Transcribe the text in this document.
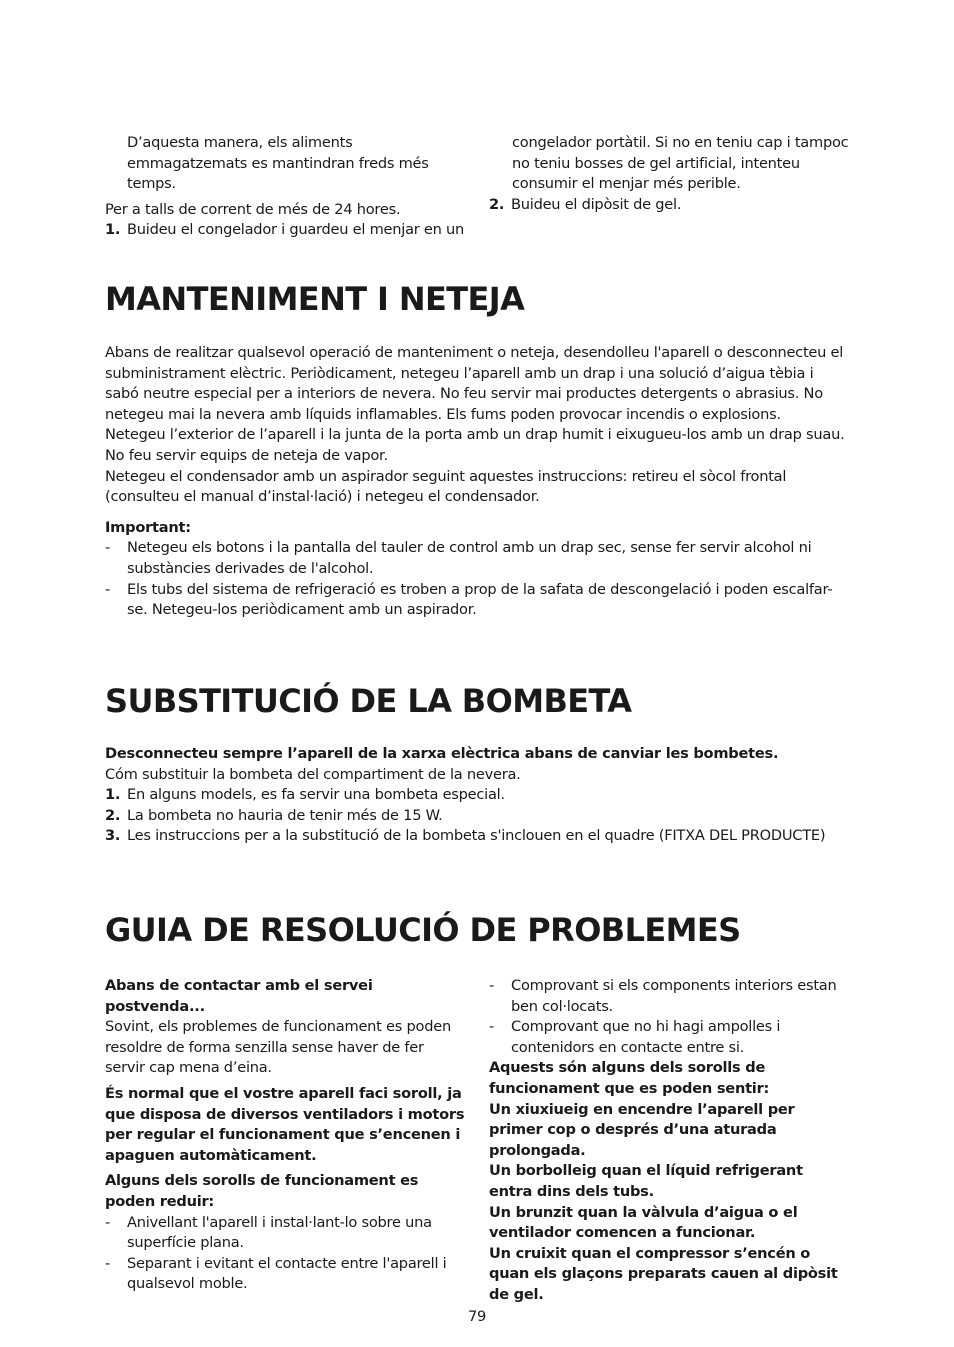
D’aquesta manera, els aliments emmagatzemats es mantindran freds més temps.

Per a talls de corrent de més de 24 hores.

1. Buideu el congelador i guardeu el menjar en un

congelador portàtil. Si no en teniu cap i tampoc no teniu bosses de gel artificial, intenteu consumir el menjar més perible.

2. Buideu el dipòsit de gel.
MANTENIMENT I NETEJA

Abans de realitzar qualsevol operació de manteniment o neteja, desendolleu l'aparell o desconnecteu el subministrament elèctric. Periòdicament, netegeu l’aparell amb un drap i una solució d’aigua tèbia i sabó neutre especial per a interiors de nevera. No feu servir mai productes detergents o abrasius. No netegeu mai la nevera amb líquids inflamables. Els fums poden provocar incendis o explosions.

Netegeu l’exterior de l’aparell i la junta de la porta amb un drap humit i eixugueu-los amb un drap suau. No feu servir equips de neteja de vapor.

Netegeu el condensador amb un aspirador seguint aquestes instruccions: retireu el sòcol frontal (consulteu el manual d’instal·lació) i netegeu el condensador.

Important:

- Netegeu els botons i la pantalla del tauler de control amb un drap sec, sense fer servir alcohol ni substàncies derivades de l'alcohol.
- Els tubs del sistema de refrigeració es troben a prop de la safata de descongelació i poden escalfar-se. Netegeu-los periòdicament amb un aspirador.
SUBSTITUCIÓ DE LA BOMBETA

Desconnecteu sempre l’aparell de la xarxa elèctrica abans de canviar les bombetes.

Cóm substituir la bombeta del compartiment de la nevera.

1. En alguns models, es fa servir una bombeta especial.
2. La bombeta no hauria de tenir més de 15 W.
3. Les instruccions per a la substitució de la bombeta s'inclouen en el quadre (FITXA DEL PRODUCTE)
GUIA DE RESOLUCIÓ DE PROBLEMES

Abans de contactar amb el servei postvenda...

Sovint, els problemes de funcionament es poden resoldre de forma senzilla sense haver de fer servir cap mena d’eina.

És normal que el vostre aparell faci soroll, ja que disposa de diversos ventiladors i motors per regular el funcionament que s’encenen i apaguen automàticament.

Alguns dels sorolls de funcionament es poden reduir:

- Anivellant l'aparell i instal·lant-lo sobre una superfície plana.
- Separant i evitant el contacte entre l'aparell i qualsevol moble.
- Comprovant si els components interiors estan ben col·locats.
- Comprovant que no hi hagi ampolles i contenidors en contacte entre si.

Aquests són alguns dels sorolls de funcionament que es poden sentir:

Un xiuxiueig en encendre l’aparell per primer cop o després d’una aturada prolongada.

Un borbolleig quan el líquid refrigerant entra dins dels tubs.

Un brunzit quan la vàlvula d’aigua o el ventilador comencen a funcionar.

Un cruixit quan el compressor s’encén o quan els glaçons preparats cauen al dipòsit de gel.

79
